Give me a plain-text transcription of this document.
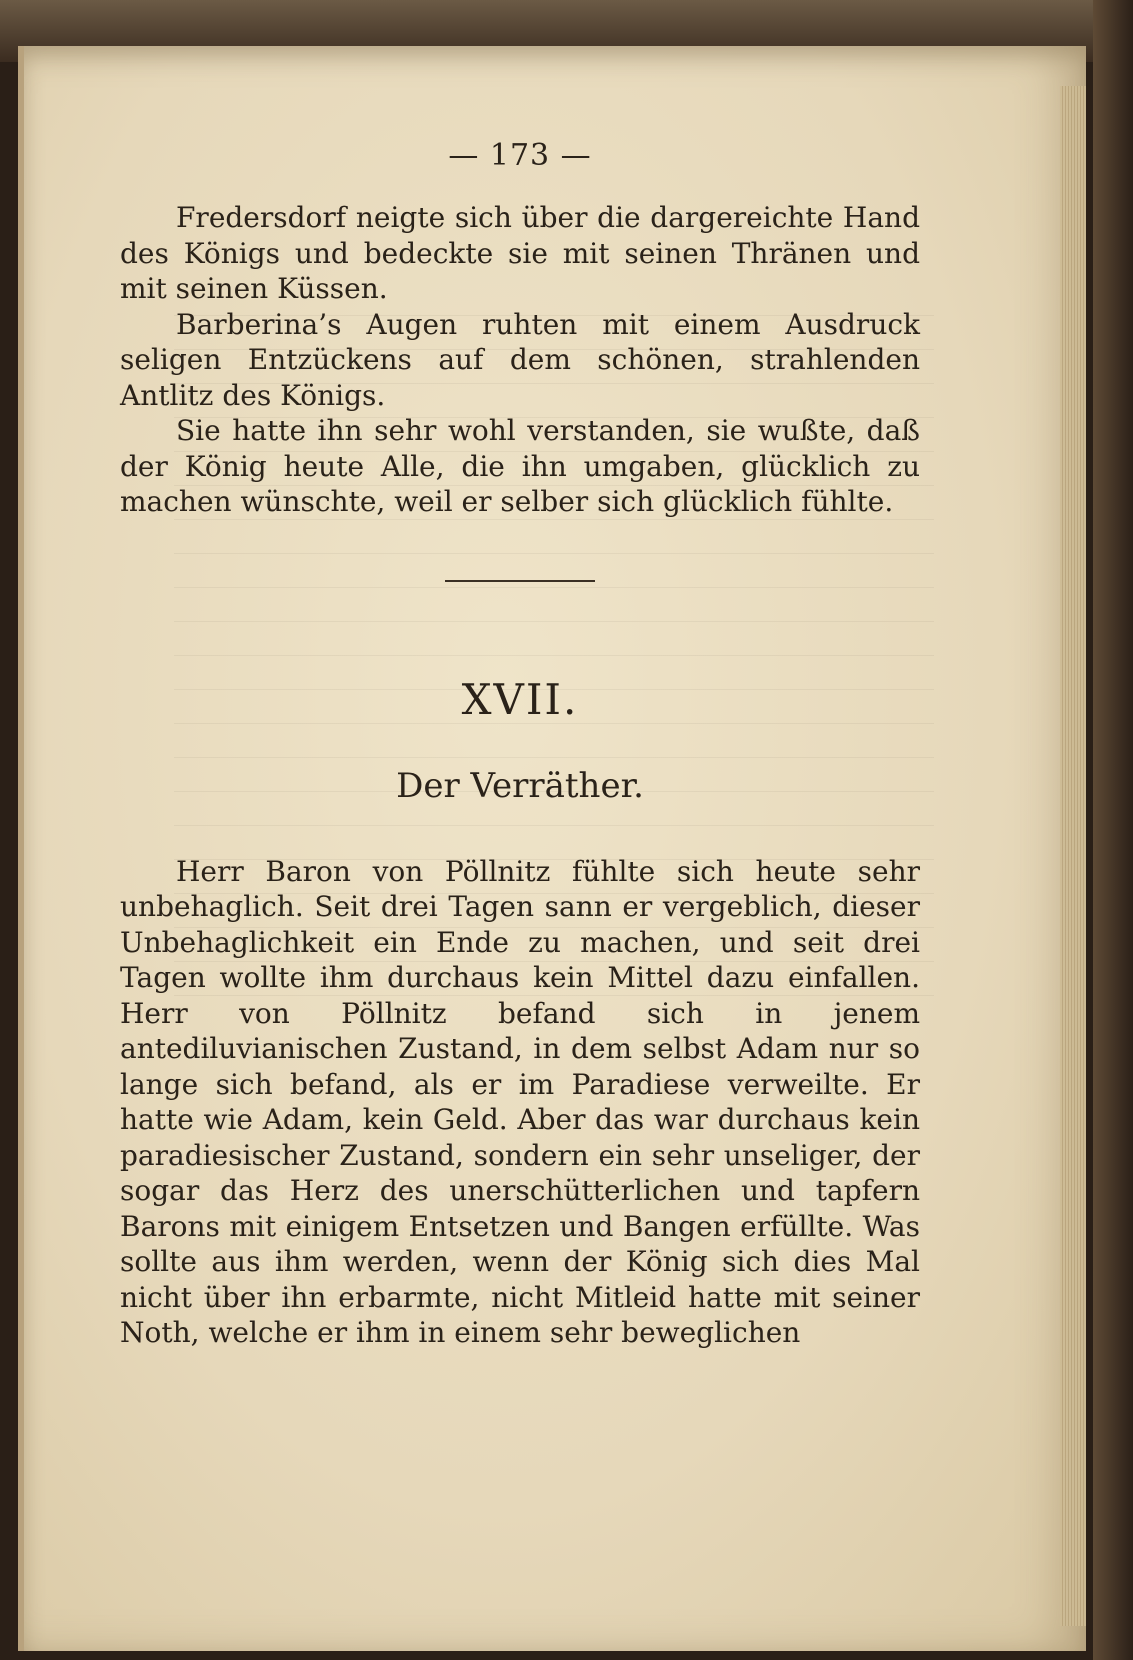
— 173 —

Fredersdorf neigte sich über die dargereichte Hand des Königs und bedeckte sie mit seinen Thränen und mit seinen Küssen.

Barberina’s Augen ruhten mit einem Ausdruck seligen Entzückens auf dem schönen, strahlenden Antlitz des Königs.

Sie hatte ihn sehr wohl verstanden, sie wußte, daß der König heute Alle, die ihn umgaben, glücklich zu machen wünschte, weil er selber sich glücklich fühlte.

XVII.
Der Verräther.

Herr Baron von Pöllnitz fühlte sich heute sehr unbehaglich. Seit drei Tagen sann er vergeblich, dieser Unbehaglichkeit ein Ende zu machen, und seit drei Tagen wollte ihm durchaus kein Mittel dazu einfallen. Herr von Pöllnitz befand sich in jenem antediluvianischen Zustand, in dem selbst Adam nur so lange sich befand, als er im Paradiese verweilte. Er hatte wie Adam, kein Geld. Aber das war durchaus kein paradiesischer Zustand, sondern ein sehr unseliger, der sogar das Herz des unerschütterlichen und tapfern Barons mit einigem Entsetzen und Bangen erfüllte. Was sollte aus ihm werden, wenn der König sich dies Mal nicht über ihn erbarmte, nicht Mitleid hatte mit seiner Noth, welche er ihm in einem sehr beweglichen
